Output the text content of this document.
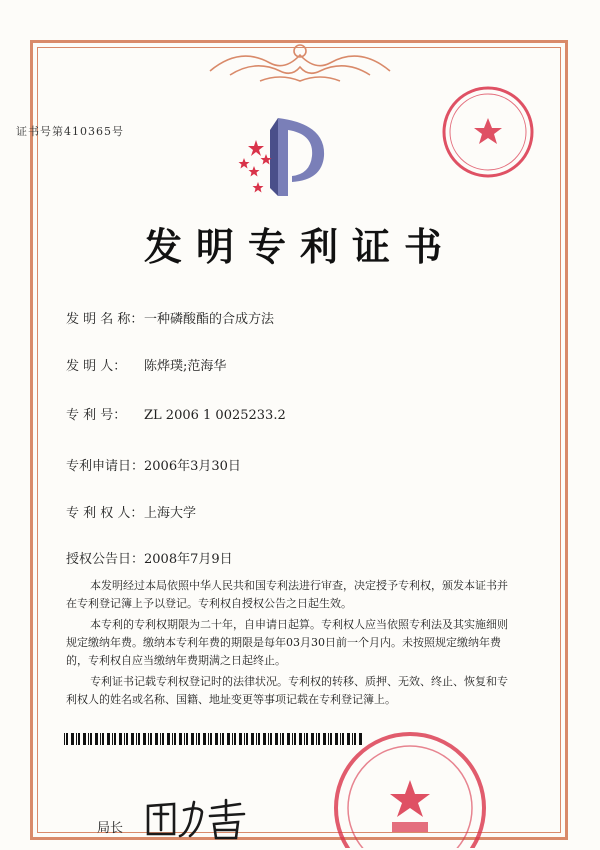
证书号第410365号
发明专利证书
发 明 名 称：一种磷酸酯的合成方法
发 明 人： 陈烨璞;范海华
专 利 号： ZL 2006 1 0025233.2
专利申请日：2006年3月30日
专 利 权 人：上海大学
授权公告日：2008年7月9日

本发明经过本局依照中华人民共和国专利法进行审查，决定授予专利权，颁发本证书并在专利登记簿上予以登记。专利权自授权公告之日起生效。

本专利的专利权期限为二十年，自申请日起算。专利权人应当依照专利法及其实施细则规定缴纳年费。缴纳本专利年费的期限是每年03月30日前一个月内。未按照规定缴纳年费的，专利权自应当缴纳年费期满之日起终止。

专利证书记载专利权登记时的法律状况。专利权的转移、质押、无效、终止、恢复和专利权人的姓名或名称、国籍、地址变更等事项记载在专利登记簿上。

局长
